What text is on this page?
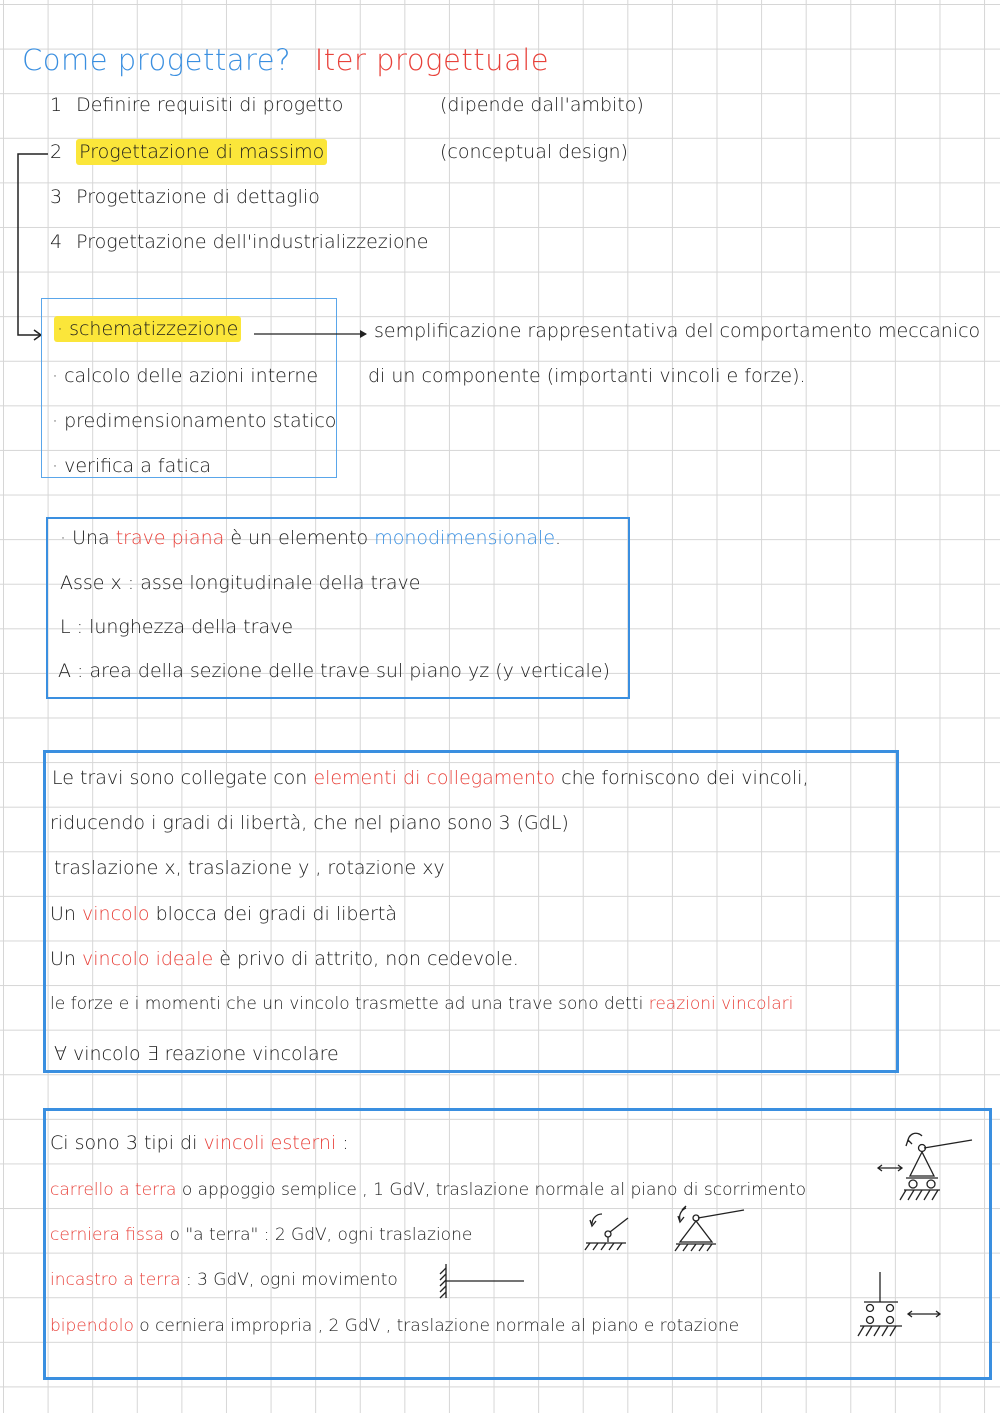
Come progettare? Iter progettuale
1 Definire requisiti di progetto	(dipende dall'ambito)
2 Progettazione di massimo	(conceptual design)
3 Progettazione di dettaglio
4 Progettazione dell'industrializzezione
· schematizzezione
· calcolo delle azioni interne
· predimensionamento statico
· verifica a fatica
semplificazione rappresentativa del comportamento meccanico
di un componente (importanti vincoli e forze).
· Una trave piana è un elemento monodimensionale.
Asse x : asse longitudinale della trave
L : lunghezza della trave
A : area della sezione delle trave sul piano yz (y verticale)
Le travi sono collegate con elementi di collegamento che forniscono dei vincoli,
riducendo i gradi di libertà, che nel piano sono 3 (GdL)
traslazione x, traslazione y , rotazione xy
Un vincolo blocca dei gradi di libertà
Un vincolo ideale è privo di attrito, non cedevole.
le forze e i momenti che un vincolo trasmette ad una trave sono detti reazioni vincolari
∀ vincolo ∃ reazione vincolare
Ci sono 3 tipi di vincoli esterni :
carrello a terra o appoggio semplice , 1 GdV, traslazione normale al piano di scorrimento
cerniera fissa o "a terra" : 2 GdV, ogni traslazione
incastro a terra : 3 GdV, ogni movimento
bipendolo o cerniera impropria , 2 GdV , traslazione normale al piano e rotazione
